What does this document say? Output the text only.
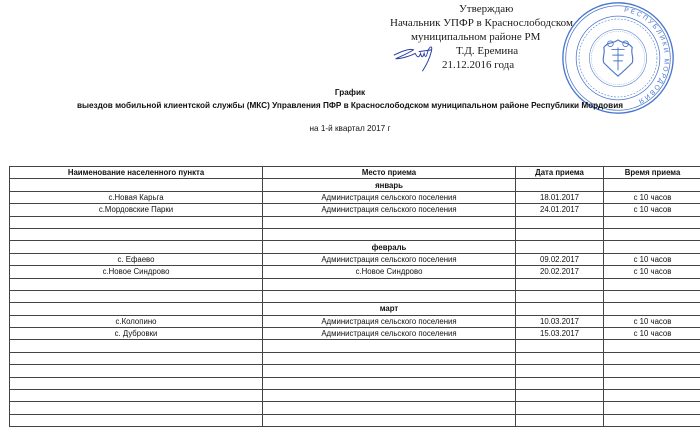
Утверждаю
Начальник УПФР в Краснослободском
муниципальном районе РМ
Т.Д. Еремина
21.12.2016 года
РЕСПУБЛИКИ МОРДОВИЯ
График
выездов мобильной клиентской службы (МКС) Управления ПФР в Краснослободском муниципальном районе Республики Мордовия
на 1-й квартал 2017 г
Наименование населенного пункта	Место приема	Дата приема	Время приема
	январь		
с.Новая Карьга	Администрация сельского поселения	18.01.2017	с 10 часов
с.Мордовские Парки	Администрация сельского поселения	24.01.2017	с 10 часов

	февраль		
с. Ефаево	Администрация сельского поселения	09.02.2017	с 10 часов
с.Новое Синдрово	с.Новое Синдрово	20.02.2017	с 10 часов

	март		
с.Колопино	Администрация сельского поселения	10.03.2017	с 10 часов
с. Дубровки	Администрация сельского поселения	15.03.2017	с 10 часов
